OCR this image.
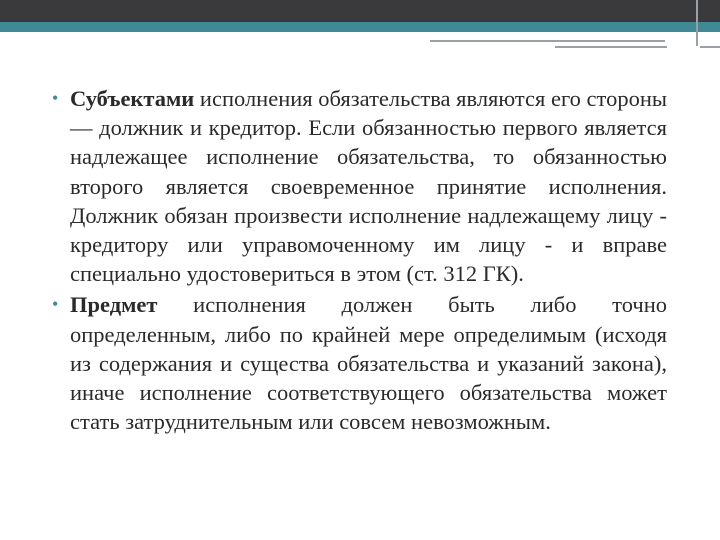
• Субъектами исполнения обязательства являются его стороны — должник и кредитор. Если обязанностью первого является надлежащее исполнение обязательства, то обязанностью второго является своевременное принятие исполнения. Должник обязан произвести исполнение надлежащему лицу - кредитору или управомоченному им лицу - и вправе специально удостовериться в этом (ст. 312 ГК).

• Предмет исполнения должен быть либо точно определенным, либо по крайней мере определимым (исходя из содержания и существа обязательства и указаний закона), иначе исполнение соответствующего обязательства может стать затруднительным или совсем невозможным.
